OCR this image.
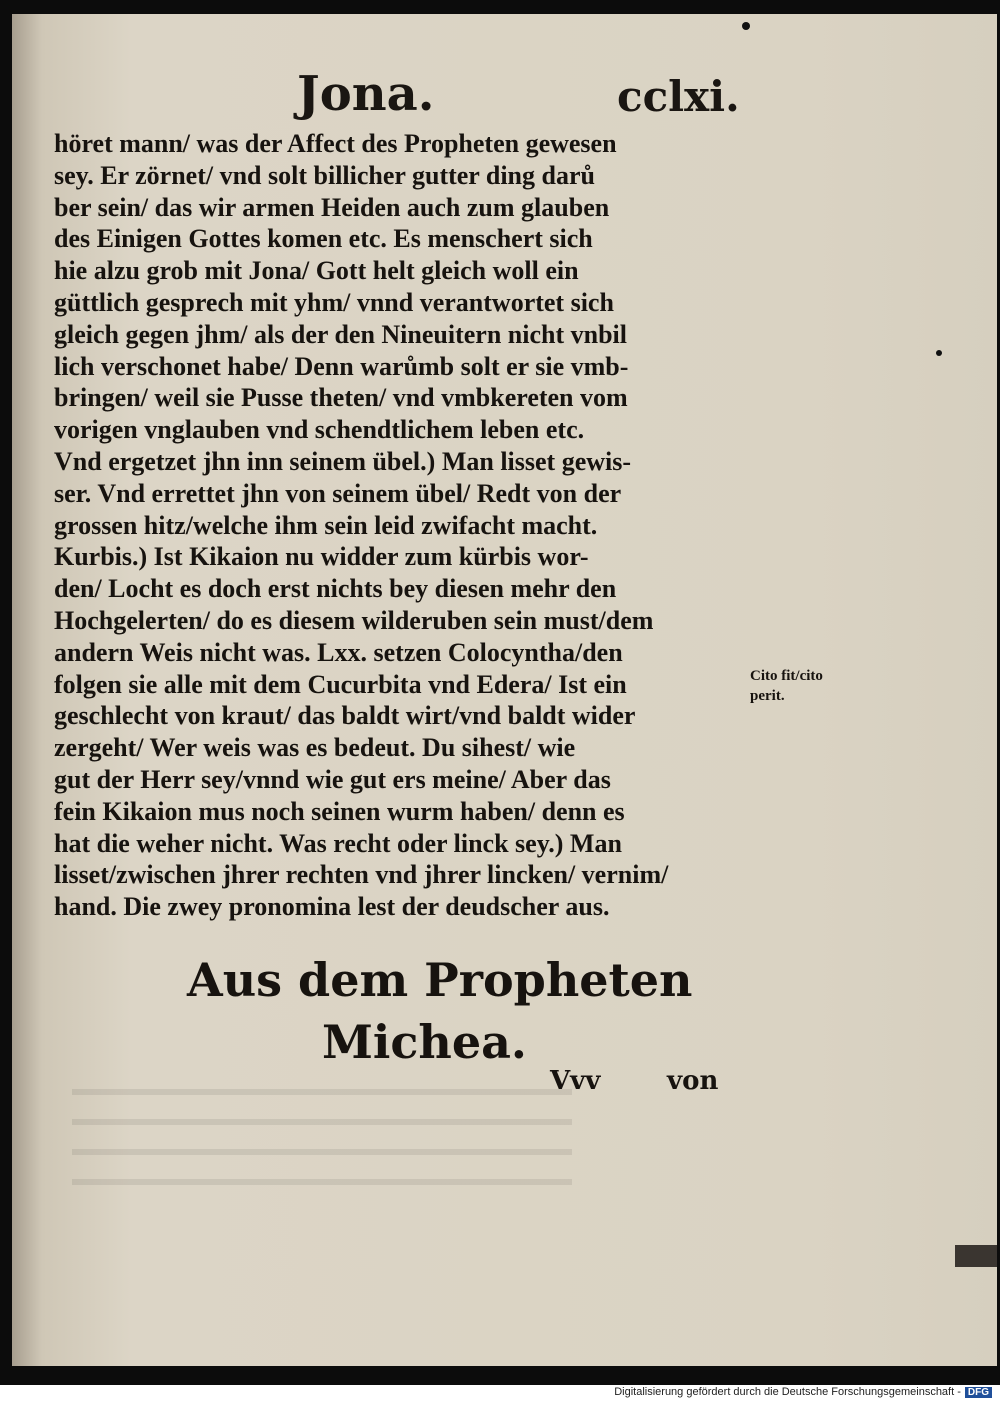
Jona.	cclxi.
höret mann/ was der Affect des Propheten gewesen
sey. Er zörnet/ vnd solt billicher gutter ding darů
ber sein/ das wir armen Heiden auch zum glauben
des Einigen Gottes komen etc. Es menschert sich
hie alzu grob mit Jona/ Gott helt gleich woll ein
güttlich gesprech mit yhm/ vnnd verantwortet sich
gleich gegen jhm/ als der den Nineuitern nicht vnbil
lich verschonet habe/ Denn warůmb solt er sie vmb-
bringen/ weil sie Pusse theten/ vnd vmbkereten vom
vorigen vnglauben vnd schendtlichem leben etc.
Vnd ergetzet jhn inn seinem übel.) Man lisset gewis-
ser. Vnd errettet jhn von seinem übel/ Redt von der
grossen hitz/welche ihm sein leid zwifacht macht.
Kurbis.) Ist Kikaion nu widder zum kürbis wor-
den/ Locht es doch erst nichts bey diesen mehr den
Hochgelerten/ do es diesem wilderuben sein must/dem
andern Weis nicht was. Lxx. setzen Colocyntha/den
folgen sie alle mit dem Cucurbita vnd Edera/ Ist ein
geschlecht von kraut/ das baldt wirt/vnd baldt wider
zergeht/ Wer weis was es bedeut. Du sihest/ wie
gut der Herr sey/vnnd wie gut ers meine/ Aber das
fein Kikaion mus noch seinen wurm haben/ denn es
hat die weher nicht. Was recht oder linck sey.) Man
lisset/zwischen jhrer rechten vnd jhrer lincken/ vernim/
hand. Die zwey pronomina lest der deudscher aus.
Cito fit/cito
perit.
Aus dem Propheten
Michea.
Vvv	von
Digitalisierung gefördert durch die Deutsche Forschungsgemeinschaft - DFG
